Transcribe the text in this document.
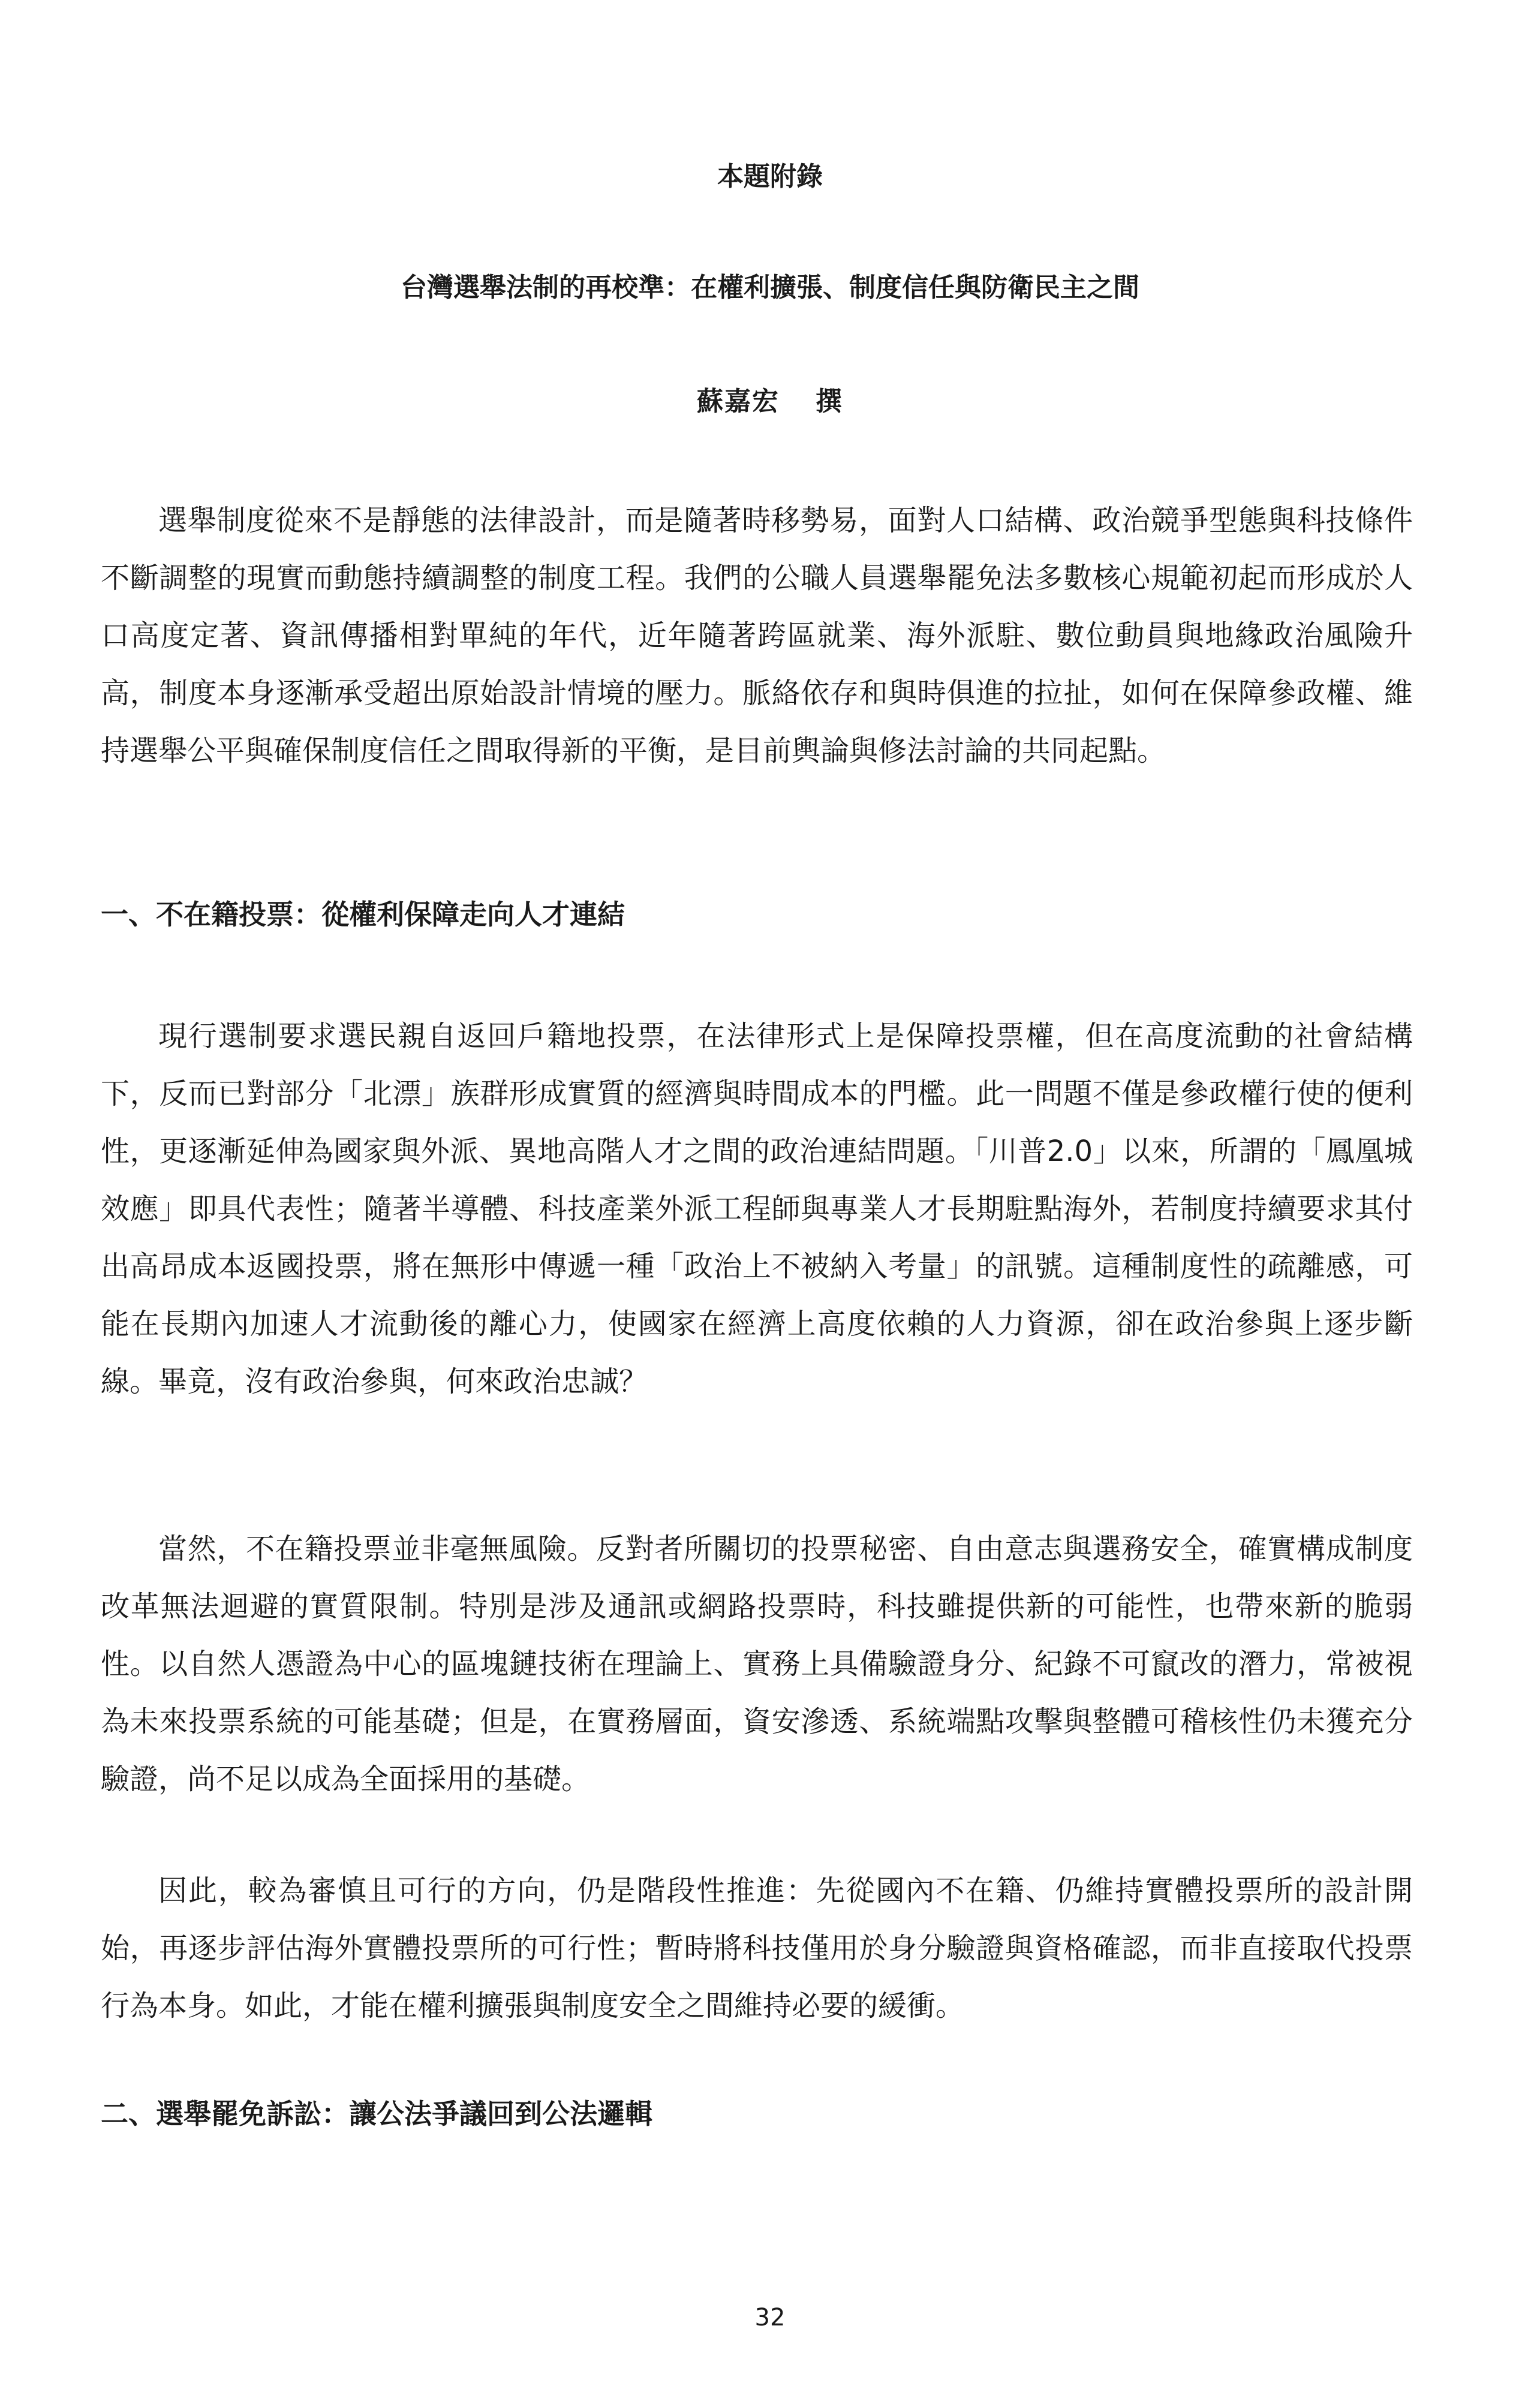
本題附錄
台灣選舉法制的再校準：在權利擴張、制度信任與防衛民主之間
蘇嘉宏 撰

選舉制度從來不是靜態的法律設計，而是隨著時移勢易，面對人口結構、政治競爭型態與科技條件不斷調整的現實而動態持續調整的制度工程。我們的公職人員選舉罷免法多數核心規範初起而形成於人口高度定著、資訊傳播相對單純的年代，近年隨著跨區就業、海外派駐、數位動員與地緣政治風險升高，制度本身逐漸承受超出原始設計情境的壓力。脈絡依存和與時俱進的拉扯，如何在保障參政權、維持選舉公平與確保制度信任之間取得新的平衡，是目前輿論與修法討論的共同起點。

一、不在籍投票：從權利保障走向人才連結

現行選制要求選民親自返回戶籍地投票，在法律形式上是保障投票權，但在高度流動的社會結構下，反而已對部分「北漂」族群形成實質的經濟與時間成本的門檻。此一問題不僅是參政權行使的便利性，更逐漸延伸為國家與外派、異地高階人才之間的政治連結問題。「川普2.0」以來，所謂的「鳳凰城效應」即具代表性；隨著半導體、科技產業外派工程師與專業人才長期駐點海外，若制度持續要求其付出高昂成本返國投票，將在無形中傳遞一種「政治上不被納入考量」的訊號。這種制度性的疏離感，可能在長期內加速人才流動後的離心力，使國家在經濟上高度依賴的人力資源，卻在政治參與上逐步斷線。畢竟，沒有政治參與，何來政治忠誠？

當然，不在籍投票並非毫無風險。反對者所關切的投票秘密、自由意志與選務安全，確實構成制度改革無法迴避的實質限制。特別是涉及通訊或網路投票時，科技雖提供新的可能性，也帶來新的脆弱性。以自然人憑證為中心的區塊鏈技術在理論上、實務上具備驗證身分、紀錄不可竄改的潛力，常被視為未來投票系統的可能基礎；但是，在實務層面，資安滲透、系統端點攻擊與整體可稽核性仍未獲充分驗證，尚不足以成為全面採用的基礎。

因此，較為審慎且可行的方向，仍是階段性推進：先從國內不在籍、仍維持實體投票所的設計開始，再逐步評估海外實體投票所的可行性；暫時將科技僅用於身分驗證與資格確認，而非直接取代投票行為本身。如此，才能在權利擴張與制度安全之間維持必要的緩衝。

二、選舉罷免訴訟：讓公法爭議回到公法邏輯
32
